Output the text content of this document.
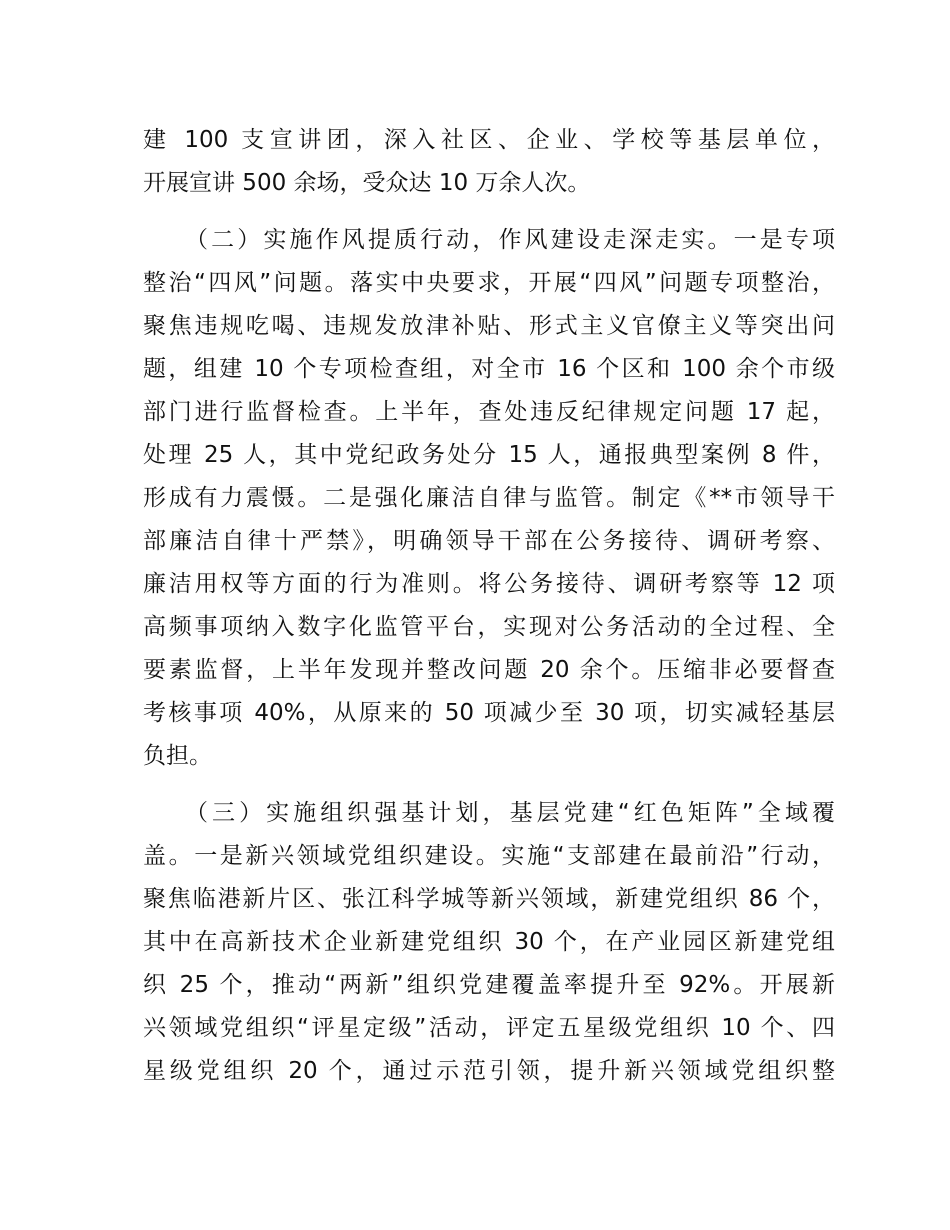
建 100 支宣讲团，深入社区、企业、学校等基层单位，
开展宣讲 500 余场，受众达 10 万余人次。
（二）实施作风提质行动，作风建设走深走实。一是专项
整治“四风”问题。落实中央要求，开展“四风”问题专项整治，
聚焦违规吃喝、违规发放津补贴、形式主义官僚主义等突出问
题，组建 10 个专项检查组，对全市 16 个区和 100 余个市级
部门进行监督检查。上半年，查处违反纪律规定问题 17 起，
处理 25 人，其中党纪政务处分 15 人，通报典型案例 8 件，
形成有力震慑。二是强化廉洁自律与监管。制定《**市领导干
部廉洁自律十严禁》，明确领导干部在公务接待、调研考察、
廉洁用权等方面的行为准则。将公务接待、调研考察等 12 项
高频事项纳入数字化监管平台，实现对公务活动的全过程、全
要素监督，上半年发现并整改问题 20 余个。压缩非必要督查
考核事项 40%，从原来的 50 项减少至 30 项，切实减轻基层
负担。
（三）实施组织强基计划，基层党建“红色矩阵”全域覆
盖。一是新兴领域党组织建设。实施“支部建在最前沿”行动，
聚焦临港新片区、张江科学城等新兴领域，新建党组织 86 个，
其中在高新技术企业新建党组织 30 个，在产业园区新建党组
织 25 个，推动“两新”组织党建覆盖率提升至 92%。开展新
兴领域党组织“评星定级”活动，评定五星级党组织 10 个、四
星级党组织 20 个，通过示范引领，提升新兴领域党组织整
